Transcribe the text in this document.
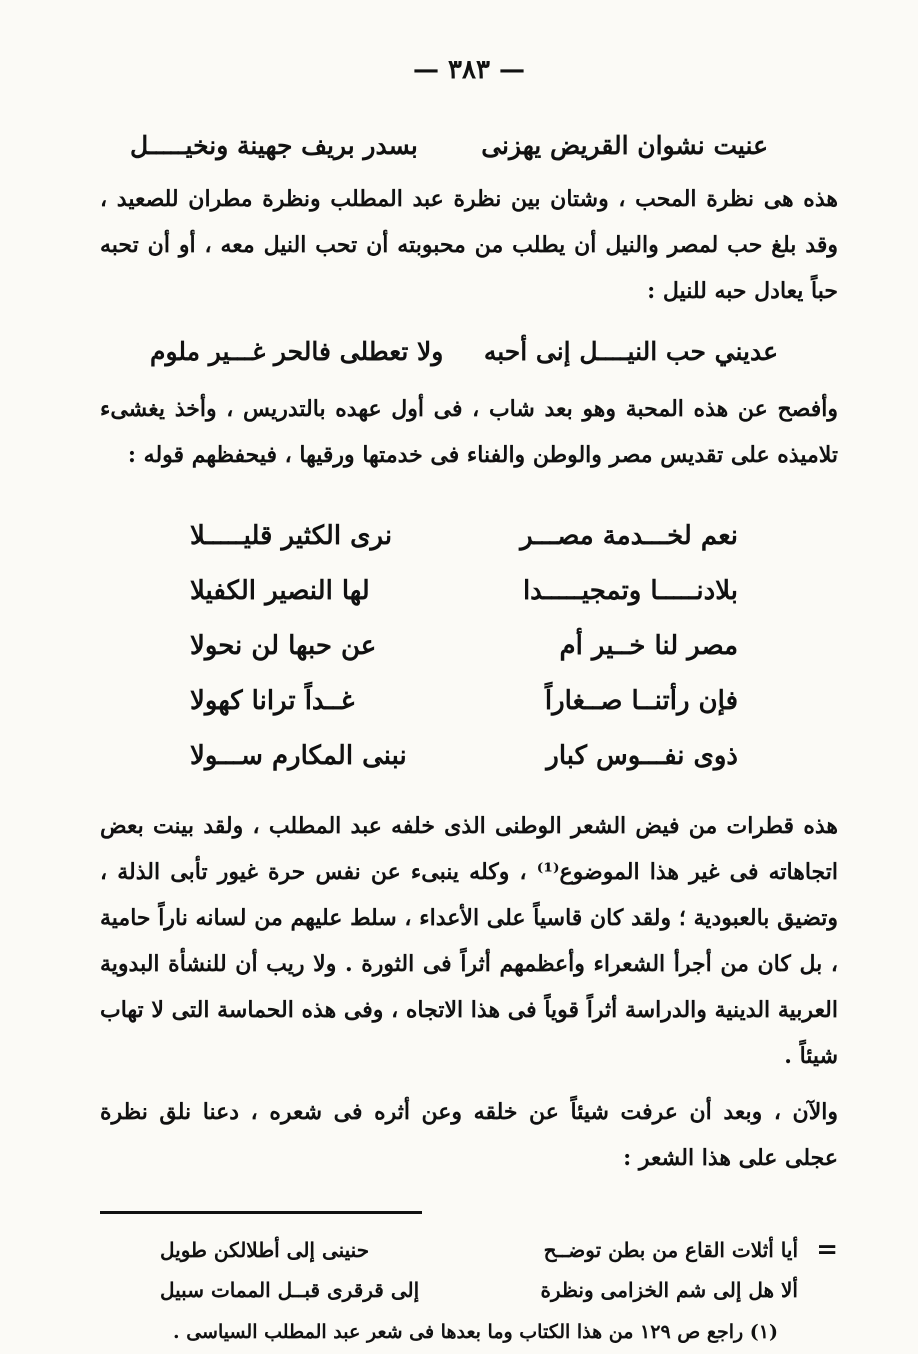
— ٣٨٣ —
عنيت نشوان القريض يهزنى
بسدر بريف جهينة ونخيـــــل

هذه هى نظرة المحب ، وشتان بين نظرة عبد المطلب ونظرة مطران للصعيد ، وقد بلغ حب لمصر والنيل أن يطلب من محبوبته أن تحب النيل معه ، أو أن تحبه حباً يعادل حبه للنيل :

عديني حب النيــــل إنى أحبه
ولا تعطلى فالحر غـــير ملوم

وأفصح عن هذه المحبة وهو بعد شاب ، فى أول عهده بالتدريس ، وأخذ يغشىء تلاميذه على تقديس مصر والوطن والفناء فى خدمتها ورقيها ، فيحفظهم قوله :

نعم لخـــدمة مصـــر
نرى الكثير قليـــــلا
بلادنـــــا وتمجيـــــدا
لها النصير الكفيلا
مصر لنا خــير أم
عن حبها لن نحولا
فإن رأتنــا صــغاراً
غــداً ترانا كهولا
ذوى نفـــوس كبار
نبنى المكارم ســـولا

هذه قطرات من فيض الشعر الوطنى الذى خلفه عبد المطلب ، ولقد بينت بعض اتجاهاته فى غير هذا الموضوع⁽¹⁾ ، وكله ينبىء عن نفس حرة غيور تأبى الذلة ، وتضيق بالعبودية ؛ ولقد كان قاسياً على الأعداء ، سلط عليهم من لسانه ناراً حامية ، بل كان من أجرأ الشعراء وأعظمهم أثراً فى الثورة . ولا ريب أن للنشأة البدوية العربية الدينية والدراسة أثراً قوياً فى هذا الاتجاه ، وفى هذه الحماسة التى لا تهاب شيئاً .

والآن ، وبعد أن عرفت شيئاً عن خلقه وعن أثره فى شعره ، دعنا نلق نظرة عجلى على هذا الشعر :

=
أيا أثلات القاع من بطن توضــح
حنينى إلى أطلالكن طويل
ألا هل إلى شم الخزامى ونظرة
إلى قرقرى قبــل الممات سبيل
(١) راجع ص ١٢٩ من هذا الكتاب وما بعدها فى شعر عبد المطلب السياسى .
